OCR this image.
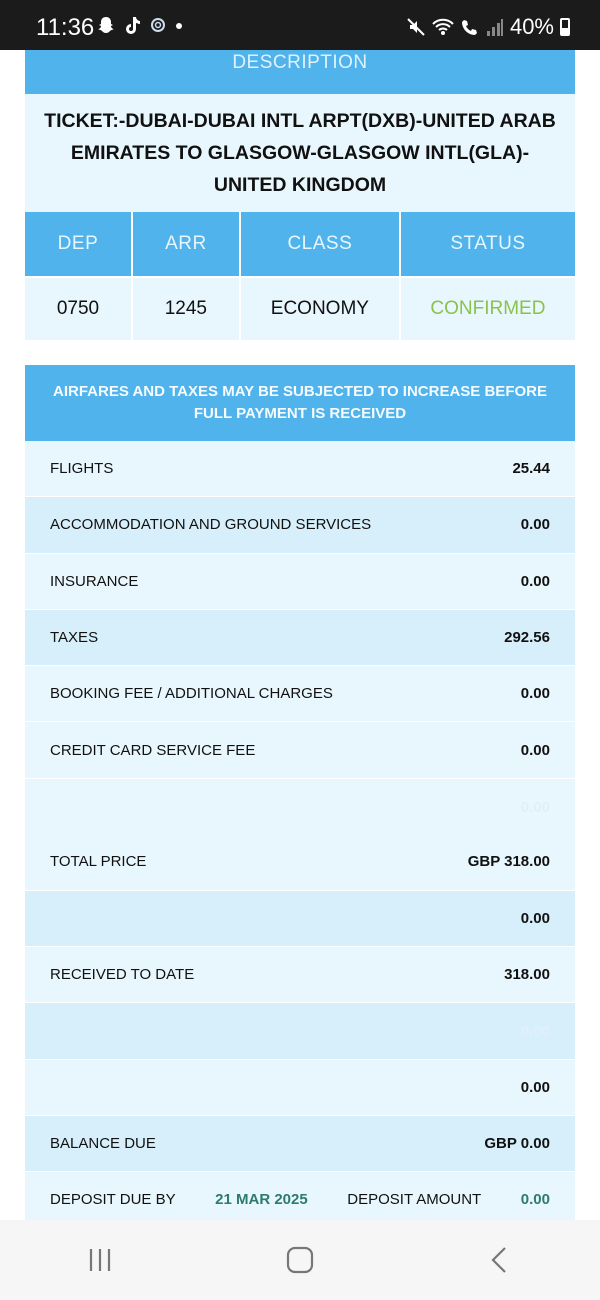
11:36	40%
DESCRIPTION
TICKET:-DUBAI-DUBAI INTL ARPT(DXB)-UNITED ARAB EMIRATES TO GLASGOW-GLASGOW INTL(GLA)-UNITED KINGDOM
DEP	ARR	CLASS	STATUS
0750	1245	ECONOMY	CONFIRMED
AIRFARES AND TAXES MAY BE SUBJECTED TO INCREASE BEFORE FULL PAYMENT IS RECEIVED
FLIGHTS	25.44
ACCOMMODATION AND GROUND SERVICES	0.00
INSURANCE	0.00
TAXES	292.56
BOOKING FEE / ADDITIONAL CHARGES	0.00
CREDIT CARD SERVICE FEE	0.00
0.00
TOTAL PRICE	GBP 318.00
0.00
RECEIVED TO DATE	318.00
0.00
0.00
BALANCE DUE	GBP 0.00
DEPOSIT DUE BY	21 MAR 2025	DEPOSIT AMOUNT	0.00
